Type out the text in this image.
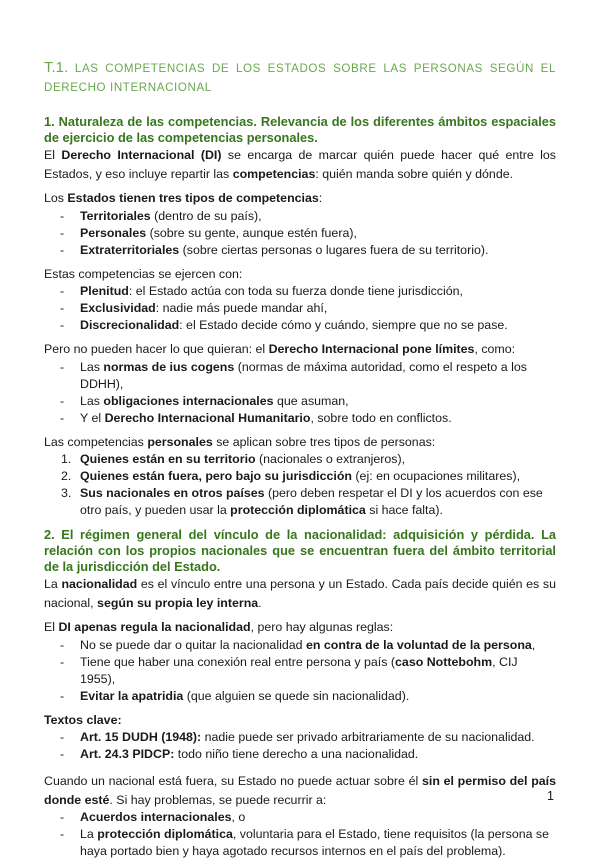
T.1. LAS COMPETENCIAS DE LOS ESTADOS SOBRE LAS PERSONAS SEGÚN EL DERECHO INTERNACIONAL
1. Naturaleza de las competencias. Relevancia de los diferentes ámbitos espaciales de ejercicio de las competencias personales.

El Derecho Internacional (DI) se encarga de marcar quién puede hacer qué entre los Estados, y eso incluye repartir las competencias: quién manda sobre quién y dónde.

Los Estados tienen tres tipos de competencias:

- Territoriales (dentro de su país),
- Personales (sobre su gente, aunque estén fuera),
- Extraterritoriales (sobre ciertas personas o lugares fuera de su territorio).

Estas competencias se ejercen con:

- Plenitud: el Estado actúa con toda su fuerza donde tiene jurisdicción,
- Exclusividad: nadie más puede mandar ahí,
- Discrecionalidad: el Estado decide cómo y cuándo, siempre que no se pase.

Pero no pueden hacer lo que quieran: el Derecho Internacional pone límites, como:

- Las normas de ius cogens (normas de máxima autoridad, como el respeto a los DDHH),
- Las obligaciones internacionales que asuman,
- Y el Derecho Internacional Humanitario, sobre todo en conflictos.

Las competencias personales se aplican sobre tres tipos de personas:

1. Quienes están en su territorio (nacionales o extranjeros),
2. Quienes están fuera, pero bajo su jurisdicción (ej: en ocupaciones militares),
3. Sus nacionales en otros países (pero deben respetar el DI y los acuerdos con ese otro país, y pueden usar la protección diplomática si hace falta).
2. El régimen general del vínculo de la nacionalidad: adquisición y pérdida. La relación con los propios nacionales que se encuentran fuera del ámbito territorial de la jurisdicción del Estado.

La nacionalidad es el vínculo entre una persona y un Estado. Cada país decide quién es su nacional, según su propia ley interna.

El DI apenas regula la nacionalidad, pero hay algunas reglas:

- No se puede dar o quitar la nacionalidad en contra de la voluntad de la persona,
- Tiene que haber una conexión real entre persona y país (caso Nottebohm, CIJ 1955),
- Evitar la apatridia (que alguien se quede sin nacionalidad).

Textos clave:

- Art. 15 DUDH (1948): nadie puede ser privado arbitrariamente de su nacionalidad.
- Art. 24.3 PIDCP: todo niño tiene derecho a una nacionalidad.

Cuando un nacional está fuera, su Estado no puede actuar sobre él sin el permiso del país donde esté. Si hay problemas, se puede recurrir a:

- Acuerdos internacionales, o
- La protección diplomática, voluntaria para el Estado, tiene requisitos (la persona se haya portado bien y haya agotado recursos internos en el país del problema).
1
